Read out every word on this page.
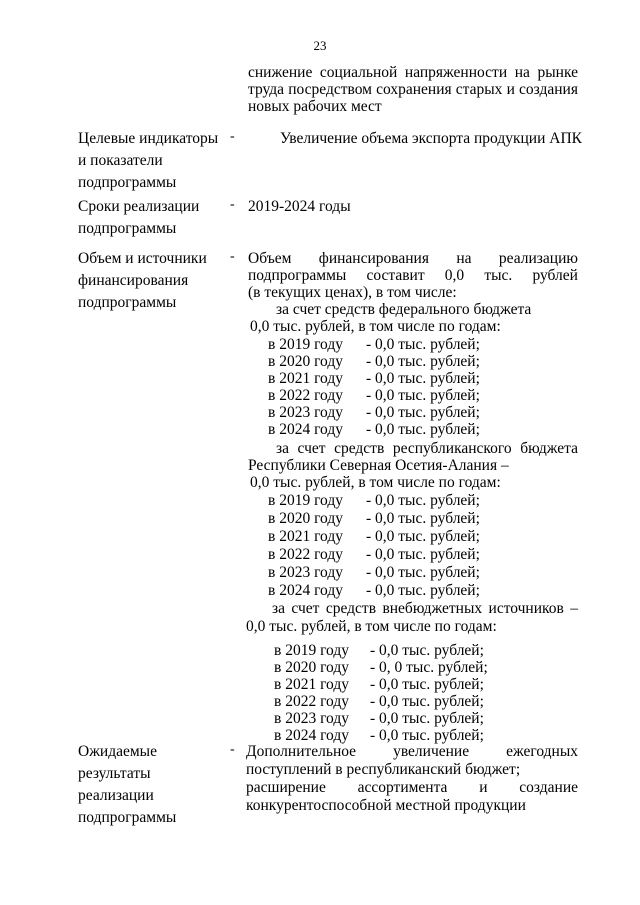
23
снижение социальной напряженности на рынке
труда посредством сохранения старых и создания
новых рабочих мест
Целевые индикаторы
и показатели
подпрограммы
-	Увеличение объема экспорта продукции АПК
Сроки реализации
подпрограммы
- 2019-2024 годы
Объем и источники
финансирования
подпрограммы
- Объем финансирования на реализацию
подпрограммы составит 0,0 тыс. рублей
(в текущих ценах), в том числе:
за счет средств федерального бюджета
0,0 тыс. рублей, в том числе по годам:
в 2019 году - 0,0 тыс. рублей;
в 2020 году - 0,0 тыс. рублей;
в 2021 году - 0,0 тыс. рублей;
в 2022 году - 0,0 тыс. рублей;
в 2023 году - 0,0 тыс. рублей;
в 2024 году - 0,0 тыс. рублей;
за счет средств республиканского бюджета
Республики Северная Осетия-Алания –
0,0 тыс. рублей, в том числе по годам:
в 2019 году - 0,0 тыс. рублей;
в 2020 году - 0,0 тыс. рублей;
в 2021 году - 0,0 тыс. рублей;
в 2022 году - 0,0 тыс. рублей;
в 2023 году - 0,0 тыс. рублей;
в 2024 году - 0,0 тыс. рублей;
за счет средств внебюджетных источников –
0,0 тыс. рублей, в том числе по годам:
в 2019 году - 0,0 тыс. рублей;
в 2020 году - 0, 0 тыс. рублей;
в 2021 году - 0,0 тыс. рублей;
в 2022 году - 0,0 тыс. рублей;
в 2023 году - 0,0 тыс. рублей;
в 2024 году - 0,0 тыс. рублей;
Ожидаемые
результаты
реализации
подпрограммы
- Дополнительное увеличение ежегодных
поступлений в республиканский бюджет;
расширение ассортимента и создание
конкурентоспособной местной продукции
